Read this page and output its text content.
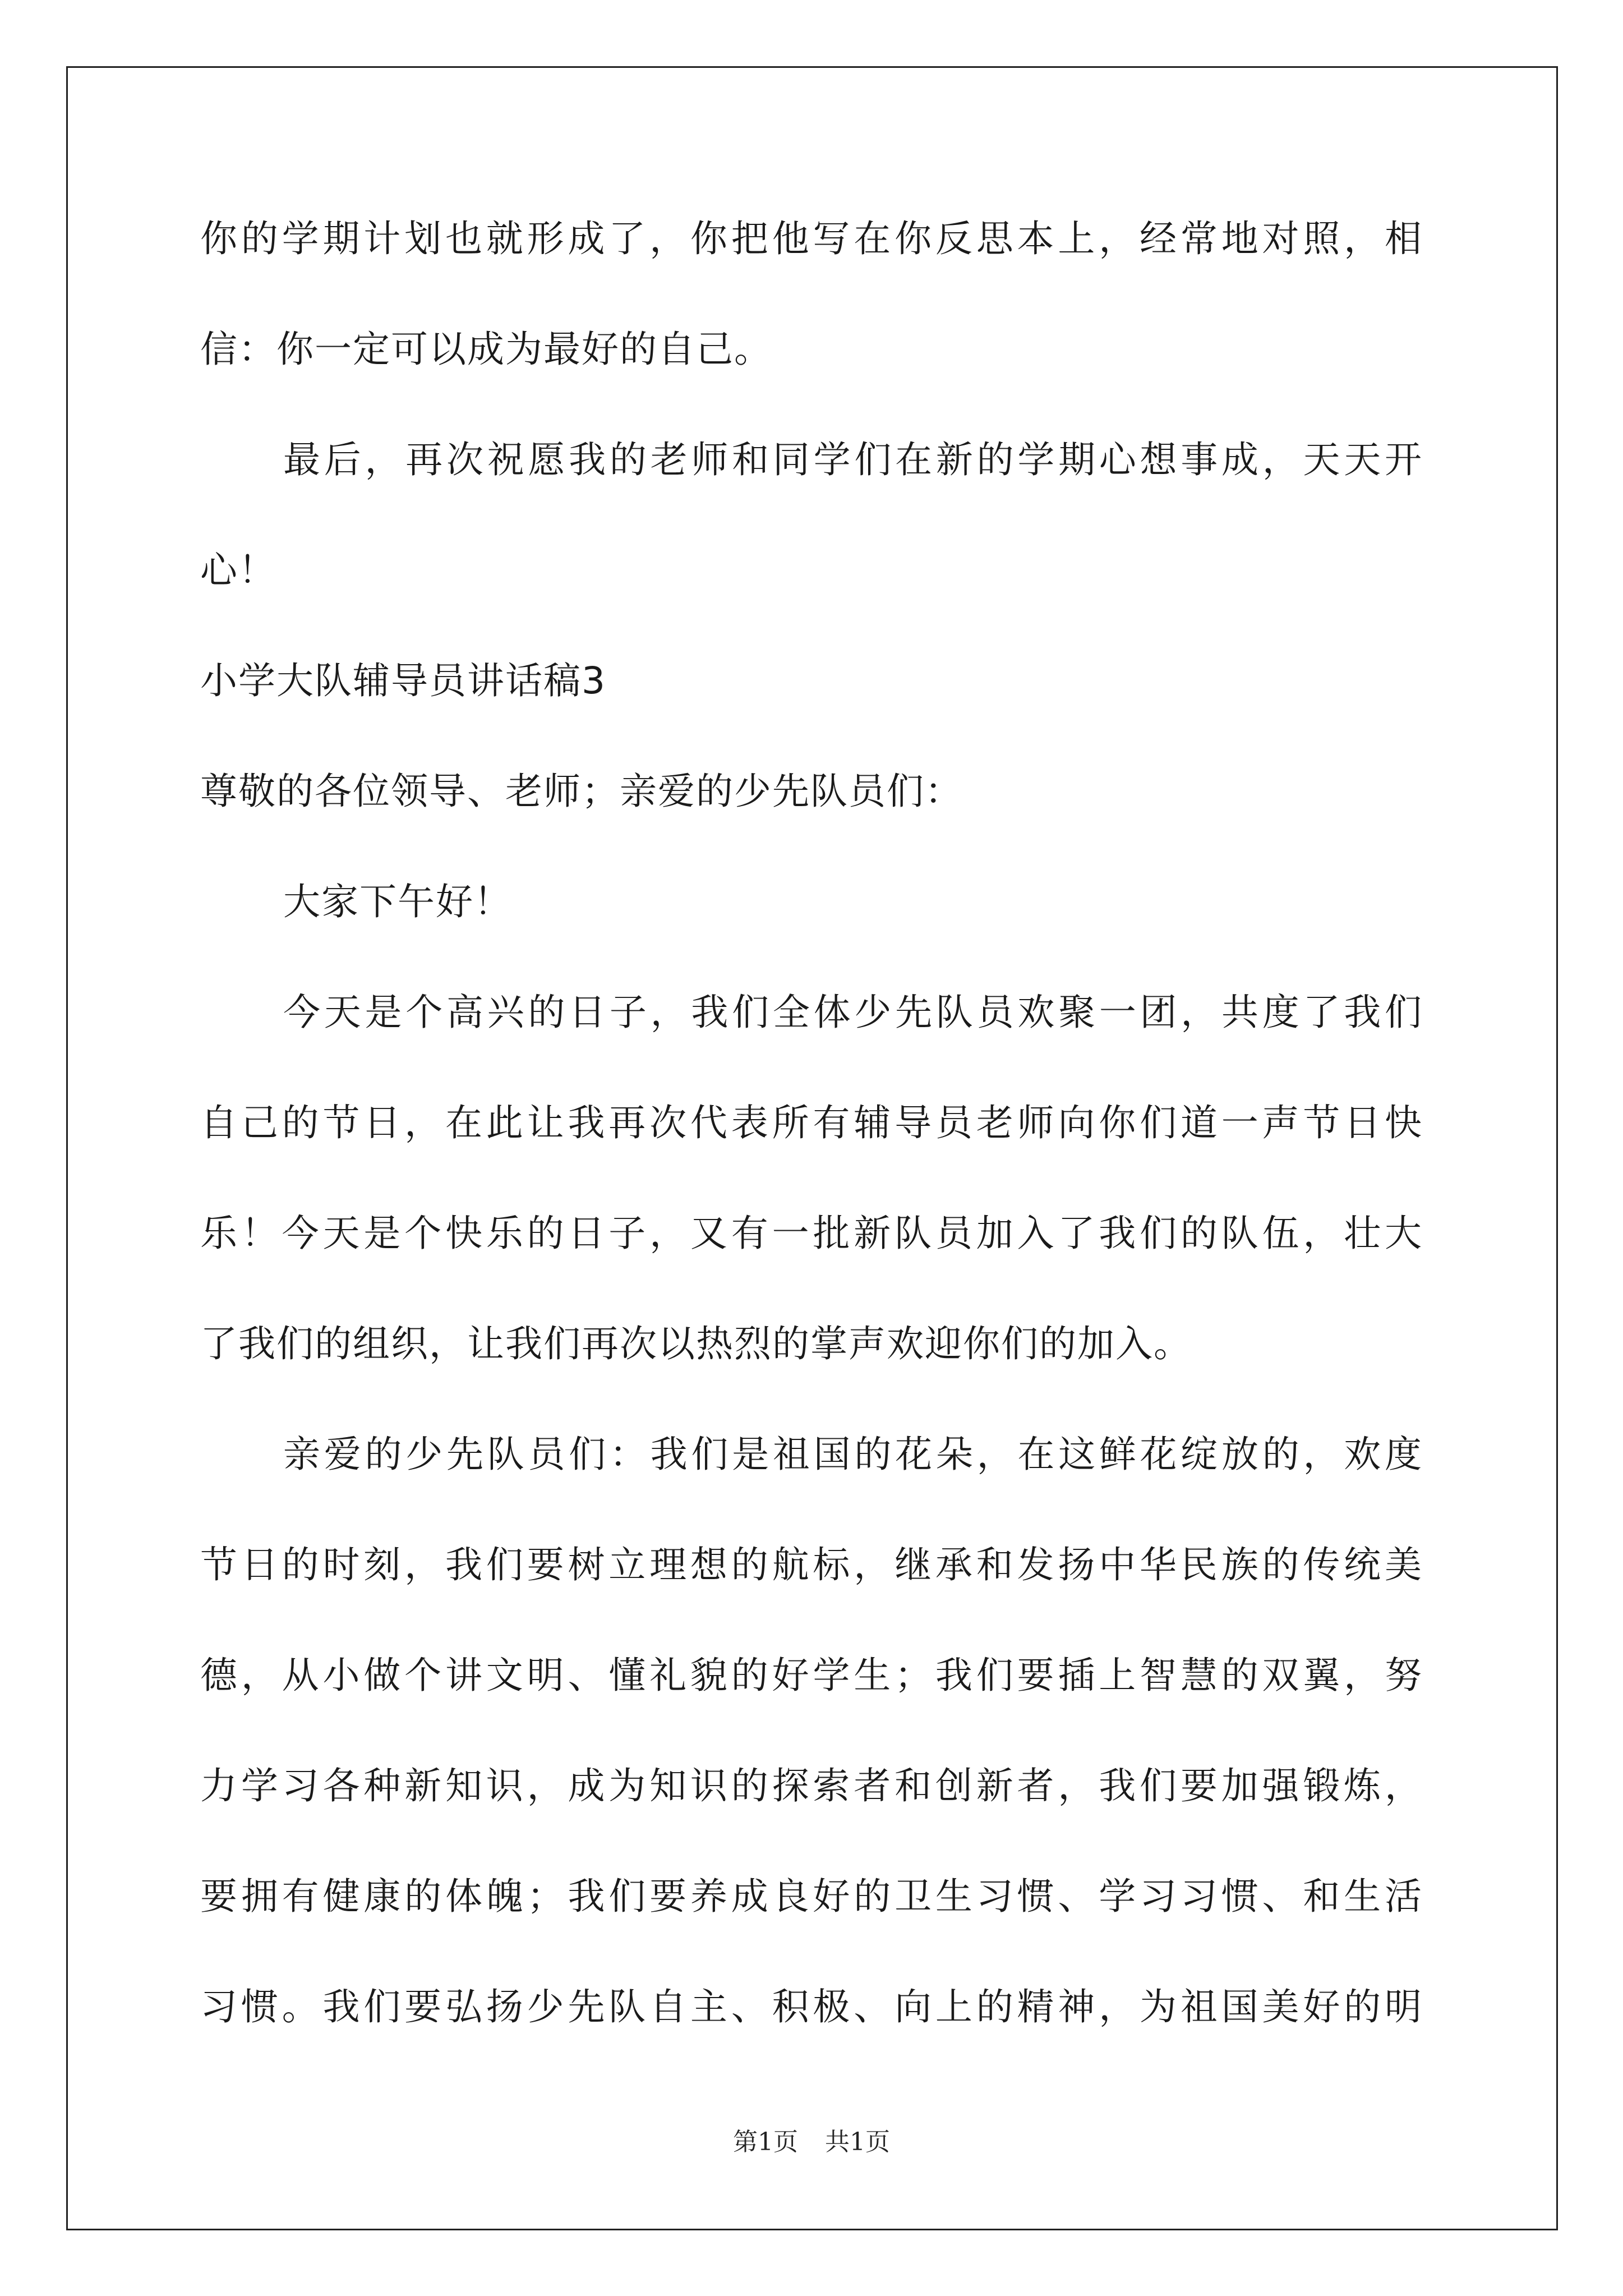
你的学期计划也就形成了，你把他写在你反思本上，经常地对照，相

信：你一定可以成为最好的自己。

最后，再次祝愿我的老师和同学们在新的学期心想事成，天天开

心！

小学大队辅导员讲话稿3

尊敬的各位领导、老师；亲爱的少先队员们：

大家下午好！

今天是个高兴的日子，我们全体少先队员欢聚一团，共度了我们

自己的节日，在此让我再次代表所有辅导员老师向你们道一声节日快

乐！今天是个快乐的日子，又有一批新队员加入了我们的队伍，壮大

了我们的组织，让我们再次以热烈的掌声欢迎你们的加入。

亲爱的少先队员们：我们是祖国的花朵，在这鲜花绽放的，欢度

节日的时刻，我们要树立理想的航标，继承和发扬中华民族的传统美

德，从小做个讲文明、懂礼貌的好学生；我们要插上智慧的双翼，努

力学习各种新知识，成为知识的探索者和创新者，我们要加强锻炼，

要拥有健康的体魄；我们要养成良好的卫生习惯、学习习惯、和生活

习惯。我们要弘扬少先队自主、积极、向上的精神，为祖国美好的明

第1页 共1页
